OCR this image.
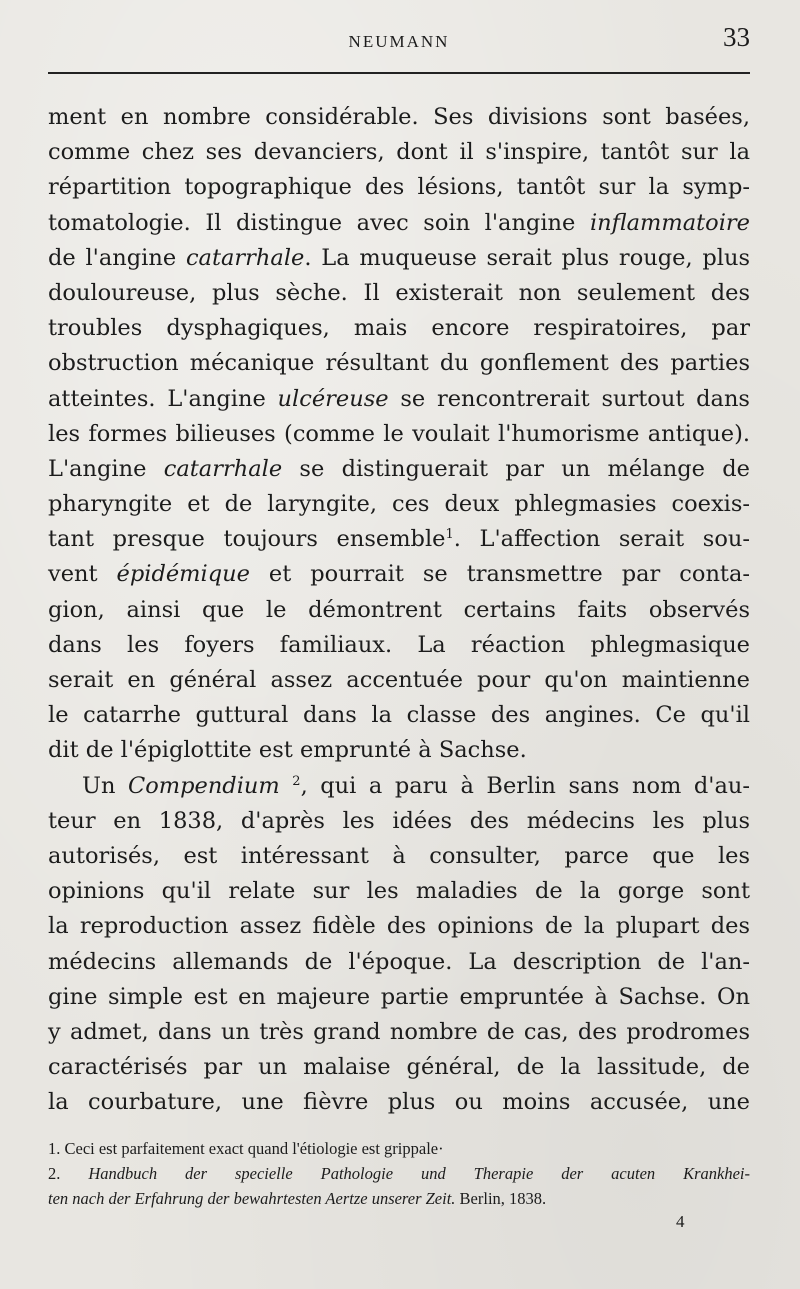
NEUMANN	33
ment en nombre considérable. Ses divisions sont basées,
comme chez ses devanciers, dont il s'inspire, tantôt sur la
répartition topographique des lésions, tantôt sur la symp-
tomatologie. Il distingue avec soin l'angine inflammatoire
de l'angine catarrhale. La muqueuse serait plus rouge, plus
douloureuse, plus sèche. Il existerait non seulement des
troubles dysphagiques, mais encore respiratoires, par
obstruction mécanique résultant du gonflement des parties
atteintes. L'angine ulcéreuse se rencontrerait surtout dans
les formes bilieuses (comme le voulait l'humorisme antique).
L'angine catarrhale se distinguerait par un mélange de
pharyngite et de laryngite, ces deux phlegmasies coexis-
tant presque toujours ensemble$^1$. L'affection serait sou-
vent épidémique et pourrait se transmettre par conta-
gion, ainsi que le démontrent certains faits observés
dans les foyers familiaux. La réaction phlegmasique
serait en général assez accentuée pour qu'on maintienne
le catarrhe guttural dans la classe des angines. Ce qu'il
dit de l'épiglottite est emprunté à Sachse.
Un Compendium $^2$, qui a paru à Berlin sans nom d'au-
teur en 1838, d'après les idées des médecins les plus
autorisés, est intéressant à consulter, parce que les
opinions qu'il relate sur les maladies de la gorge sont
la reproduction assez fidèle des opinions de la plupart des
médecins allemands de l'époque. La description de l'an-
gine simple est en majeure partie empruntée à Sachse. On
y admet, dans un très grand nombre de cas, des prodromes
caractérisés par un malaise général, de la lassitude, de
la courbature, une fièvre plus ou moins accusée, une
1. Ceci est parfaitement exact quand l'étiologie est grippale·
2. Handbuch der specielle Pathologie und Therapie der acuten Krankhei-
ten nach der Erfahrung der bewahrtesten Aertze unserer Zeit. Berlin, 1838.
4
